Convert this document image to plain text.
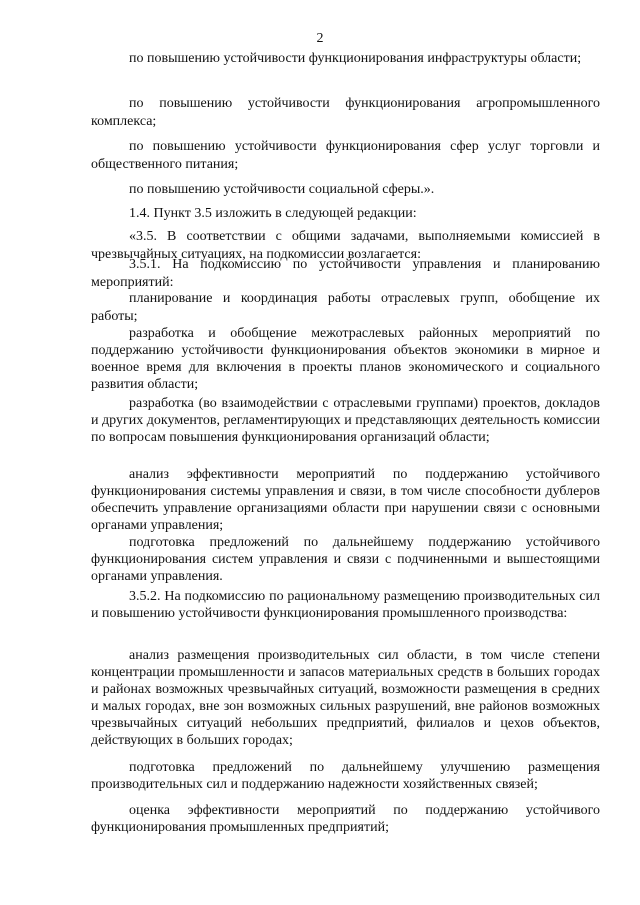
2

по повышению устойчивости функционирования инфраструктуры области;

по повышению устойчивости функционирования агропромышленного комплекса;

по повышению устойчивости функционирования сфер услуг торговли и общественного питания;

по повышению устойчивости социальной сферы.».

1.4. Пункт 3.5 изложить в следующей редакции:

«3.5. В соответствии с общими задачами, выполняемыми комиссией в чрезвычайных ситуациях, на подкомиссии возлагается:

3.5.1. На подкомиссию по устойчивости управления и планированию мероприятий:

планирование и координация работы отраслевых групп, обобщение их работы;

разработка и обобщение межотраслевых районных мероприятий по поддержанию устойчивости функционирования объектов экономики в мирное и военное время для включения в проекты планов экономического и социального развития области;

разработка (во взаимодействии с отраслевыми группами) проектов, докладов и других документов, регламентирующих и представляющих деятельность комиссии по вопросам повышения функционирования организаций области;

анализ эффективности мероприятий по поддержанию устойчивого функционирования системы управления и связи, в том числе способности дублеров обеспечить управление организациями области при нарушении связи с основными органами управления;

подготовка предложений по дальнейшему поддержанию устойчивого функционирования систем управления и связи с подчиненными и вышестоящими органами управления.

3.5.2. На подкомиссию по рациональному размещению производительных сил и повышению устойчивости функционирования промышленного производства:

анализ размещения производительных сил области, в том числе степени концентрации промышленности и запасов материальных средств в больших городах и районах возможных чрезвычайных ситуаций, возможности размещения в средних и малых городах, вне зон возможных сильных разрушений, вне районов возможных чрезвычайных ситуаций небольших предприятий, филиалов и цехов объектов, действующих в больших городах;

подготовка предложений по дальнейшему улучшению размещения производительных сил и поддержанию надежности хозяйственных связей;

оценка эффективности мероприятий по поддержанию устойчивого функционирования промышленных предприятий;
